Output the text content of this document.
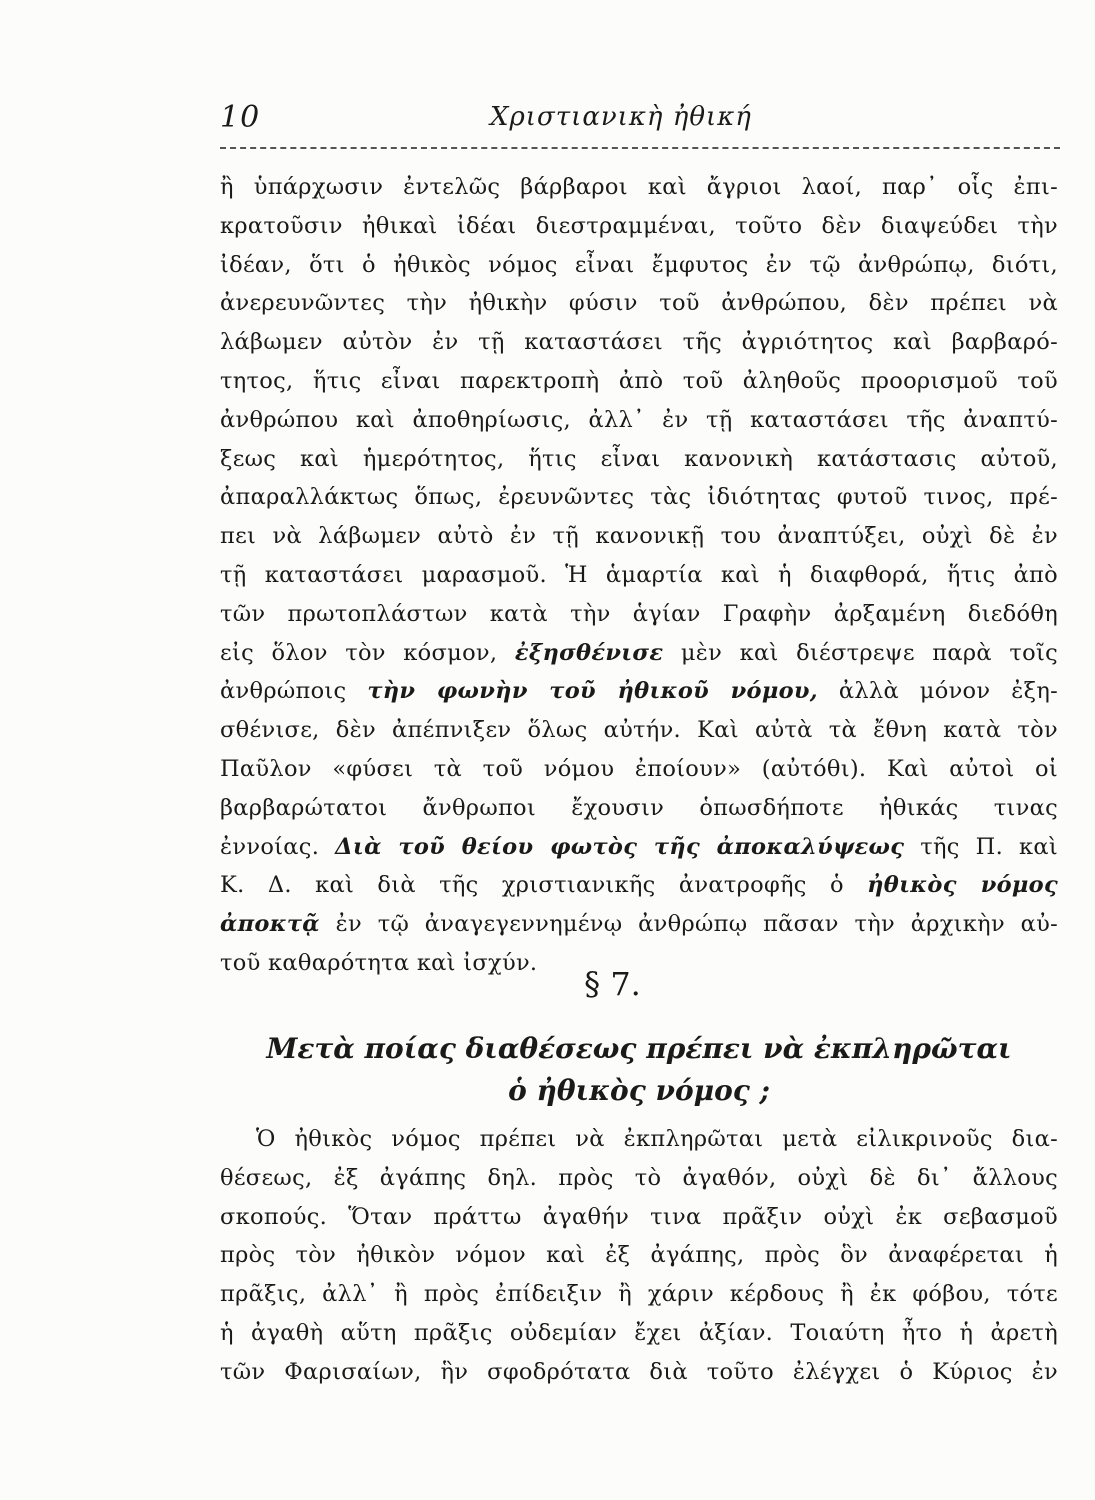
10	Χριστιανικὴ ἠθική
ἢ ὑπάρχωσιν ἐντελῶς βάρβαροι καὶ ἄγριοι λαοί, παρ᾽ οἷς ἐπι-
κρατοῦσιν ἠθικαὶ ἰδέαι διεστραμμέναι, τοῦτο δὲν διαψεύδει τὴν
ἰδέαν, ὅτι ὁ ἠθικὸς νόμος εἶναι ἔμφυτος ἐν τῷ ἀνθρώπῳ, διότι,
ἀνερευνῶντες τὴν ἠθικὴν φύσιν τοῦ ἀνθρώπου, δὲν πρέπει νὰ
λάβωμεν αὐτὸν ἐν τῇ καταστάσει τῆς ἀγριότητος καὶ βαρβαρό-
τητος, ἥτις εἶναι παρεκτροπὴ ἀπὸ τοῦ ἀληθοῦς προορισμοῦ τοῦ
ἀνθρώπου καὶ ἀποθηρίωσις, ἀλλ᾽ ἐν τῇ καταστάσει τῆς ἀναπτύ-
ξεως καὶ ἡμερότητος, ἥτις εἶναι κανονικὴ κατάστασις αὐτοῦ,
ἀπαραλλάκτως ὅπως, ἐρευνῶντες τὰς ἰδιότητας φυτοῦ τινος, πρέ-
πει νὰ λάβωμεν αὐτὸ ἐν τῇ κανονικῇ του ἀναπτύξει, οὐχὶ δὲ ἐν
τῇ καταστάσει μαρασμοῦ. Ἡ ἁμαρτία καὶ ἡ διαφθορά, ἥτις ἀπὸ
τῶν πρωτοπλάστων κατὰ τὴν ἁγίαν Γραφὴν ἀρξαμένη διεδόθη
εἰς ὅλον τὸν κόσμον, ἐξησθένισε μὲν καὶ διέστρεψε παρὰ τοῖς
ἀνθρώποις τὴν φωνὴν τοῦ ἠθικοῦ νόμου, ἀλλὰ μόνον ἐξη-
σθένισε, δὲν ἀπέπνιξεν ὅλως αὐτήν. Καὶ αὐτὰ τὰ ἔθνη κατὰ τὸν
Παῦλον «φύσει τὰ τοῦ νόμου ἐποίουν» (αὐτόθι). Καὶ αὐτοὶ οἱ
βαρβαρώτατοι ἄνθρωποι ἔχουσιν ὁπωσδήποτε ἠθικάς τινας
ἐννοίας. Διὰ τοῦ θείου φωτὸς τῆς ἀποκαλύψεως τῆς Π. καὶ
Κ. Δ. καὶ διὰ τῆς χριστιανικῆς ἀνατροφῆς ὁ ἠθικὸς νόμος
ἀποκτᾷ ἐν τῷ ἀναγεγεννημένῳ ἀνθρώπῳ πᾶσαν τὴν ἀρχικὴν αὐ-
τοῦ καθαρότητα καὶ ἰσχύν.
§ 7.
Μετὰ ποίας διαθέσεως πρέπει νὰ ἐκπληρῶται
ὁ ἠθικὸς νόμος ;
Ὁ ἠθικὸς νόμος πρέπει νὰ ἐκπληρῶται μετὰ εἰλικρινοῦς δια-
θέσεως, ἐξ ἀγάπης δηλ. πρὸς τὸ ἀγαθόν, οὐχὶ δὲ δι᾽ ἄλλους
σκοπούς. Ὅταν πράττω ἀγαθήν τινα πρᾶξιν οὐχὶ ἐκ σεβασμοῦ
πρὸς τὸν ἠθικὸν νόμον καὶ ἐξ ἀγάπης, πρὸς ὃν ἀναφέρεται ἡ
πρᾶξις, ἀλλ᾽ ἢ πρὸς ἐπίδειξιν ἢ χάριν κέρδους ἢ ἐκ φόβου, τότε
ἡ ἀγαθὴ αὕτη πρᾶξις οὐδεμίαν ἔχει ἀξίαν. Τοιαύτη ἦτο ἡ ἀρετὴ
τῶν Φαρισαίων, ἣν σφοδρότατα διὰ τοῦτο ἐλέγχει ὁ Κύριος ἐν
